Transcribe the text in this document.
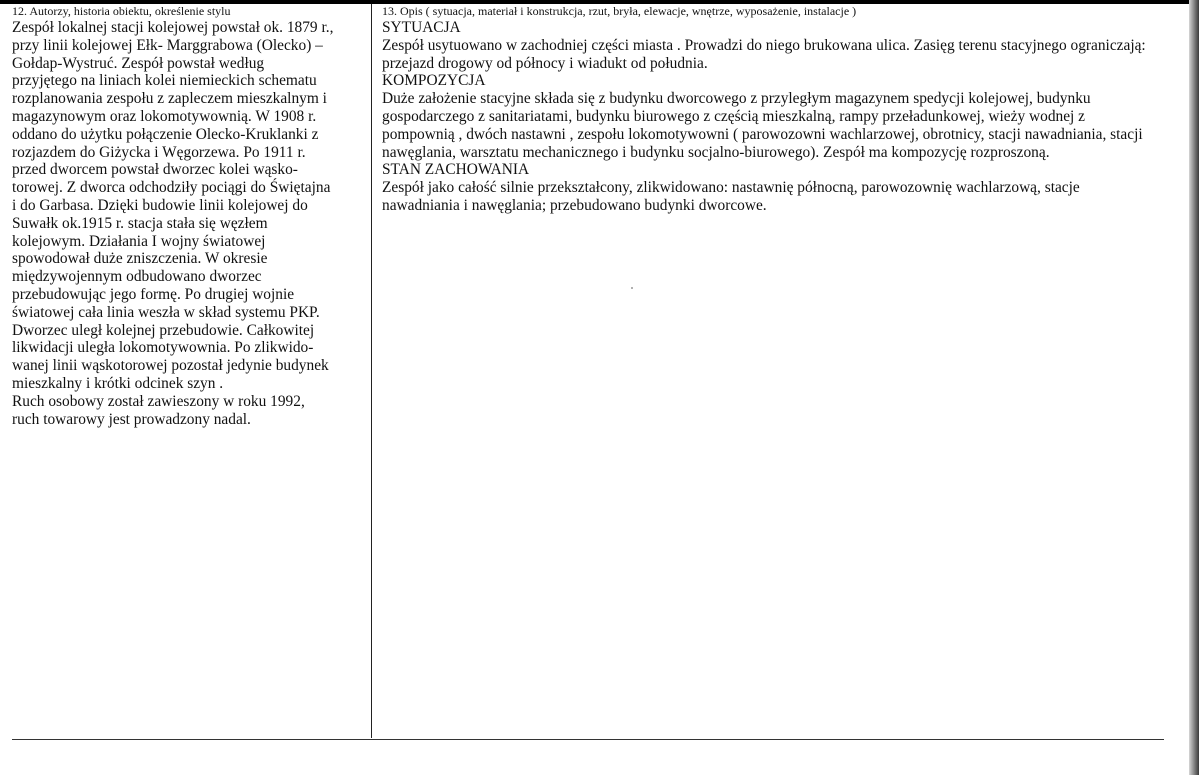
12. Autorzy, historia obiektu, określenie stylu

Zespół lokalnej stacji kolejowej powstał ok. 1879 r.,
przy linii kolejowej Ełk- Marggrabowa (Olecko) –
Gołdap-Wystruć. Zespół powstał według
przyjętego na liniach kolei niemieckich schematu
rozplanowania zespołu z zapleczem mieszkalnym i
magazynowym oraz lokomotywownią. W 1908 r.
oddano do użytku połączenie Olecko-Kruklanki z
rozjazdem do Giżycka i Węgorzewa. Po 1911 r.
przed dworcem powstał dworzec kolei wąsko-
torowej. Z dworca odchodziły pociągi do Świętajna
i do Garbasa. Dzięki budowie linii kolejowej do
Suwałk ok.1915 r. stacja stała się węzłem
kolejowym. Działania I wojny światowej
spowodował duże zniszczenia. W okresie
międzywojennym odbudowano dworzec
przebudowując jego formę. Po drugiej wojnie
światowej cała linia weszła w skład systemu PKP.
Dworzec uległ kolejnej przebudowie. Całkowitej
likwidacji uległa lokomotywownia. Po zlikwido-
wanej linii wąskotorowej pozostał jedynie budynek
mieszkalny i krótki odcinek szyn .
Ruch osobowy został zawieszony w roku 1992,
ruch towarowy jest prowadzony nadal.

13. Opis ( sytuacja, materiał i konstrukcja, rzut, bryła, elewacje, wnętrze, wyposażenie, instalacje )

SYTUACJA

Zespół usytuowano w zachodniej części miasta . Prowadzi do niego brukowana ulica. Zasięg terenu stacyjnego ograniczają: przejazd drogowy od północy i wiadukt od południa.

KOMPOZYCJA

Duże założenie stacyjne składa się z budynku dworcowego z przyległym magazynem spedycji kolejowej, budynku gospodarczego z sanitariatami, budynku biurowego z częścią mieszkalną, rampy przeładunkowej, wieży wodnej z pompownią , dwóch nastawni , zespołu lokomotywowni ( parowozowni wachlarzowej, obrotnicy, stacji nawadniania, stacji nawęglania, warsztatu mechanicznego i budynku socjalno-biurowego). Zespół ma kompozycję rozproszoną.

STAN ZACHOWANIA

Zespół jako całość silnie przekształcony, zlikwidowano: nastawnię północną, parowozownię wachlarzową, stacje nawadniania i nawęglania; przebudowano budynki dworcowe.
